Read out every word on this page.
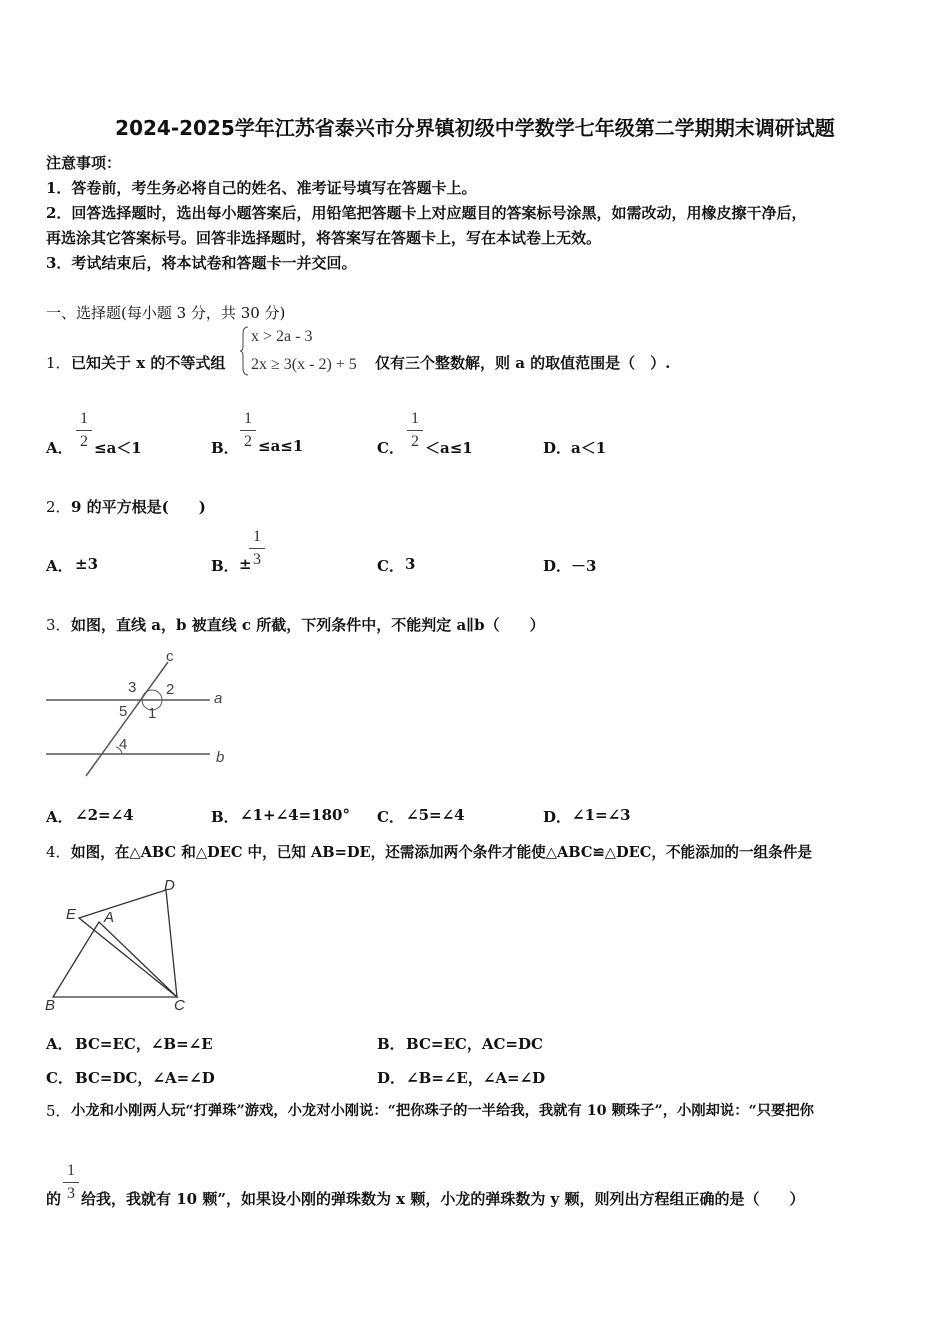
2024-2025学年江苏省泰兴市分界镇初级中学数学七年级第二学期期末调研试题
注意事项：
1．答卷前，考生务必将自己的姓名、准考证号填写在答题卡上。
2．回答选择题时，选出每小题答案后，用铅笔把答题卡上对应题目的答案标号涂黑，如需改动，用橡皮擦干净后，
再选涂其它答案标号。回答非选择题时，将答案写在答题卡上，写在本试卷上无效。
3．考试结束后，将本试卷和答题卡一并交回。
一、选择题(每小题 3 分，共 30 分)
1． 已知关于 x 的不等式组
x > 2a - 3
2x ≥ 3(x - 2) + 5 仅有三个整数解，则 a 的取值范围是（　）.
A．
1
2 ≤a＜1	B．
1
2 ≤a≤1	C．
1
2 ＜a≤1	D． a＜1
2． 9 的平方根是(　　)
A． ±3	B． ±
1
3	C． 3	D． －3
3． 如图，直线 a，b 被直线 c 所截，下列条件中，不能判定 a∥b（　　）
c
3 2
a
5 1
4
b
A． ∠2=∠4	B． ∠1+∠4=180° C． ∠5=∠4	D． ∠1=∠3
4． 如图，在△ABC 和△DEC 中，已知 AB=DE，还需添加两个条件才能使△ABC≌△DEC，不能添加的一组条件是
D
E A
B	C
A． BC=EC，∠B=∠E	B． BC=EC，AC=DC
C． BC=DC，∠A=∠D	D． ∠B=∠E，∠A=∠D
5． 小龙和小刚两人玩“打弹珠”游戏，小龙对小刚说：“把你珠子的一半给我，我就有 10 颗珠子”，小刚却说：“只要把你
的
1
3 给我，我就有 10 颗”，如果设小刚的弹珠数为 x 颗，小龙的弹珠数为 y 颗，则列出方程组正确的是（　　）
